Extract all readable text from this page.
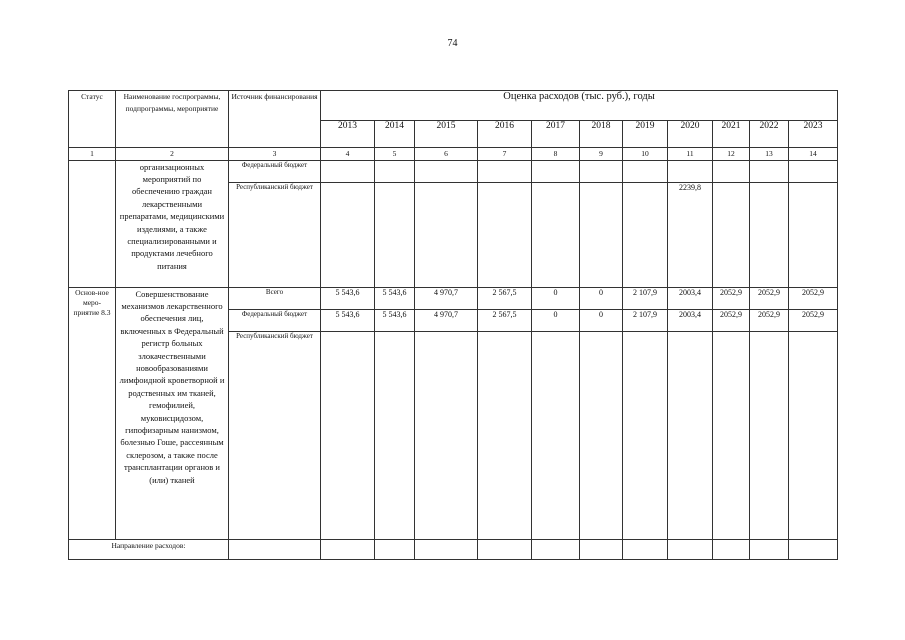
74
Статус	Наименование госпрограммы, подпрограммы, мероприятие	Источник финансирования	Оценка расходов (тыс. руб.), годы										
			2013	2014	2015	2016	2017	2018	2019	2020	2021	2022	2023
1	2	3	4	5	6	7	8	9	10	11	12	13	14
	организационных мероприятий по обеспечению граждан лекарственными препаратами, медицинскими изделиями, а также специализированными и продуктами лечебного питания	Федеральный бюджет											
		Республиканский бюджет								2239,8			
Основ-ное меро-приятие 8.3	Совершенствование механизмов лекарственного обеспечения лиц, включенных в Федеральный регистр больных злокачественными новообразованиями лимфоидной кроветворной и родственных им тканей, гемофилией, муковисцидозом, гипофизарным нанизмом, болезнью Гоше, рассеянным склерозом, а также после трансплантации органов и (или) тканей	Всего	5 543,6	5 543,6	4 970,7	2 567,5	0	0	2 107,9	2003,4	2052,9	2052,9	2052,9
		Федеральный бюджет	5 543,6	5 543,6	4 970,7	2 567,5	0	0	2 107,9	2003,4	2052,9	2052,9	2052,9
		Республиканский бюджет											
Направление расходов:													
